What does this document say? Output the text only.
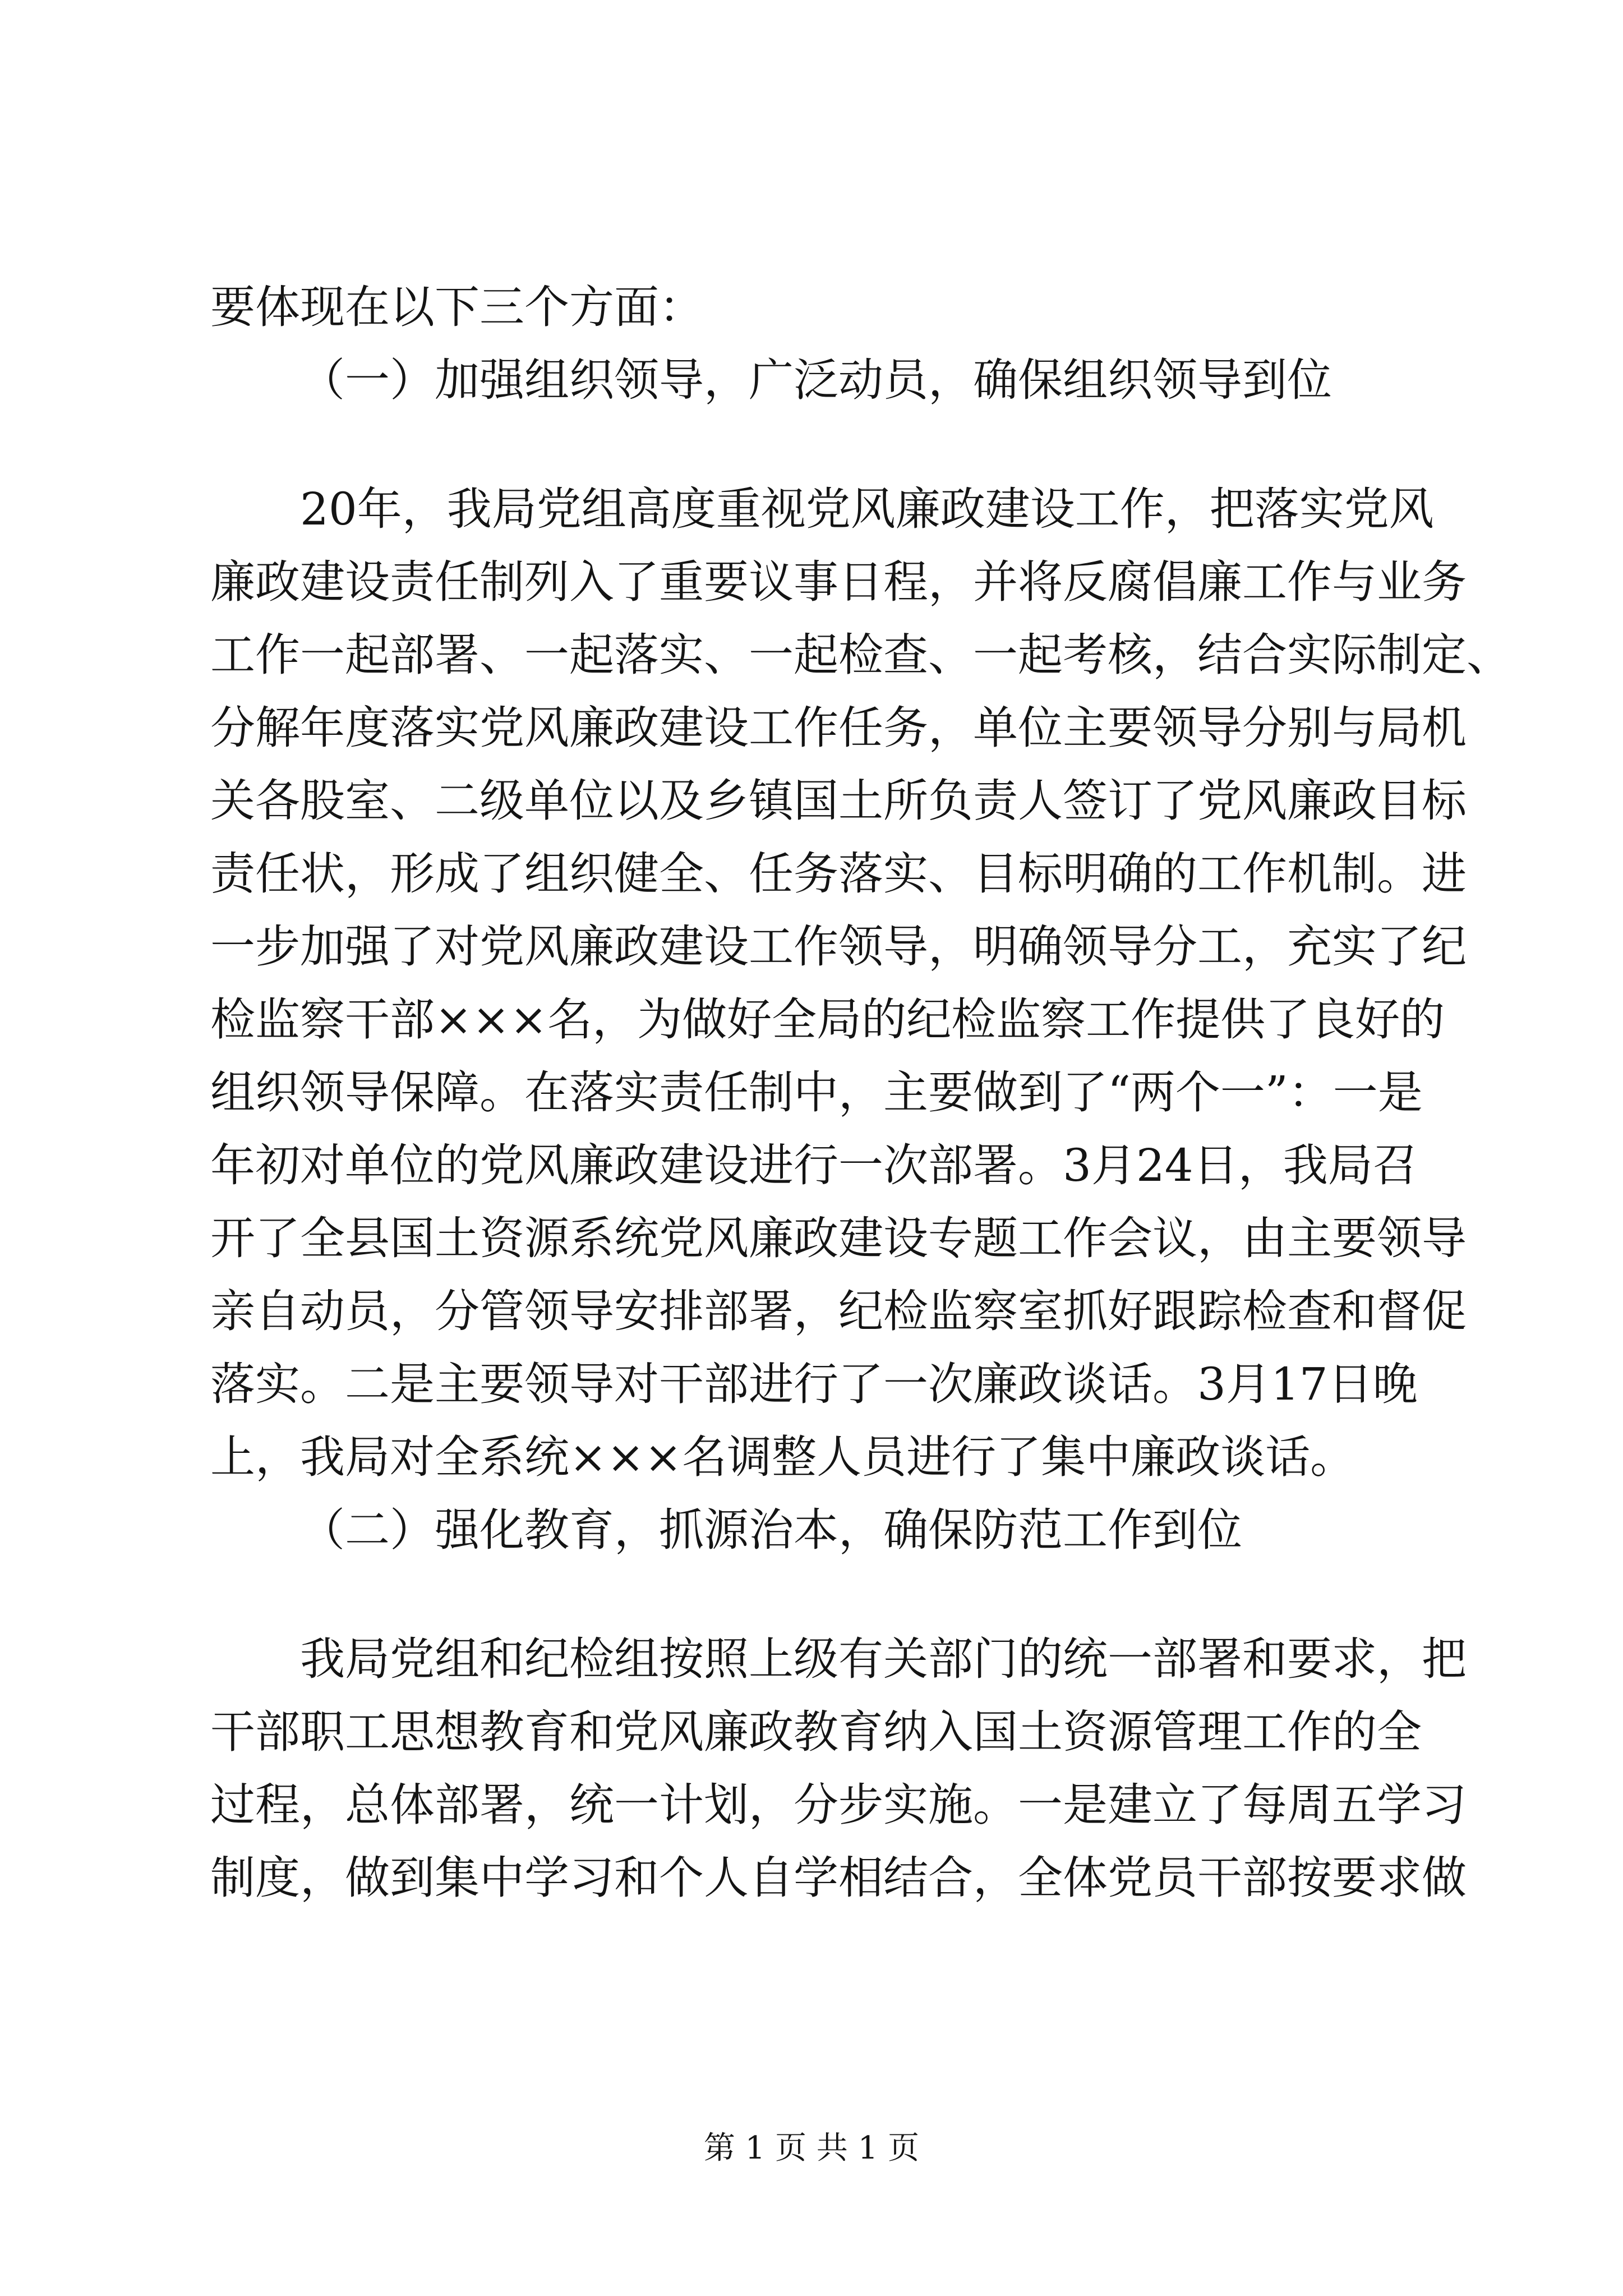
要体现在以下三个方面：
（一）加强组织领导，广泛动员，确保组织领导到位
20年，我局党组高度重视党风廉政建设工作，把落实党风
廉政建设责任制列入了重要议事日程，并将反腐倡廉工作与业务
工作一起部署、一起落实、一起检查、一起考核，结合实际制定、
分解年度落实党风廉政建设工作任务，单位主要领导分别与局机
关各股室、二级单位以及乡镇国土所负责人签订了党风廉政目标
责任状，形成了组织健全、任务落实、目标明确的工作机制。进
一步加强了对党风廉政建设工作领导，明确领导分工，充实了纪
检监察干部×××名，为做好全局的纪检监察工作提供了良好的
组织领导保障。在落实责任制中，主要做到了“两个一”：一是
年初对单位的党风廉政建设进行一次部署。3月24日，我局召
开了全县国土资源系统党风廉政建设专题工作会议，由主要领导
亲自动员，分管领导安排部署，纪检监察室抓好跟踪检查和督促
落实。二是主要领导对干部进行了一次廉政谈话。3月17日晚
上，我局对全系统×××名调整人员进行了集中廉政谈话。
（二）强化教育，抓源治本，确保防范工作到位
我局党组和纪检组按照上级有关部门的统一部署和要求，把
干部职工思想教育和党风廉政教育纳入国土资源管理工作的全
过程，总体部署，统一计划，分步实施。一是建立了每周五学习
制度，做到集中学习和个人自学相结合，全体党员干部按要求做
第 1 页 共 1 页
